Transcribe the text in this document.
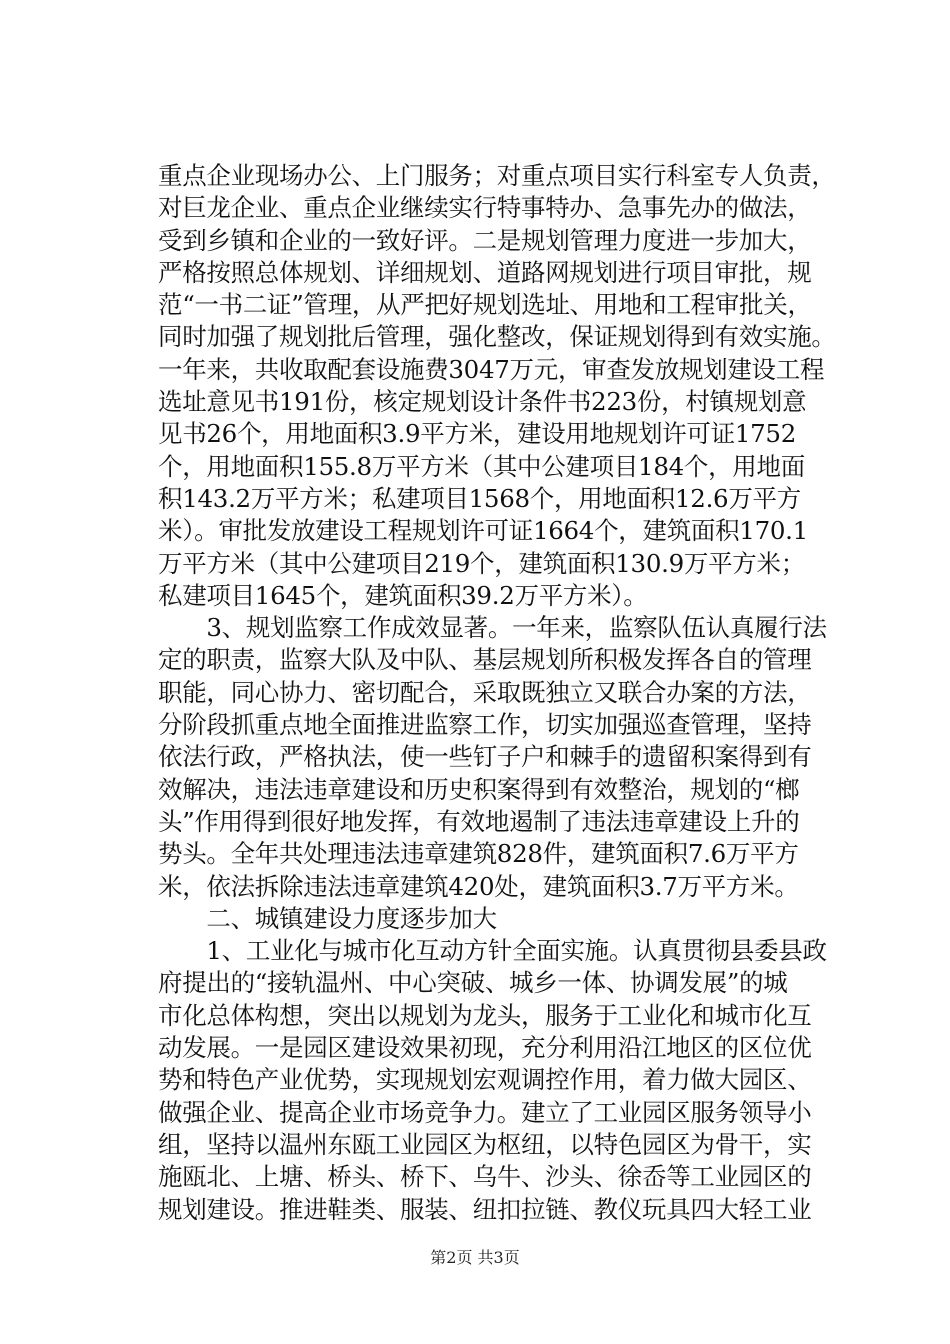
重点企业现场办公、上门服务；对重点项目实行科室专人负责，
对巨龙企业、重点企业继续实行特事特办、急事先办的做法，
受到乡镇和企业的一致好评。二是规划管理力度进一步加大，
严格按照总体规划、详细规划、道路网规划进行项目审批，规
范“一书二证”管理，从严把好规划选址、用地和工程审批关，
同时加强了规划批后管理，强化整改，保证规划得到有效实施。
一年来，共收取配套设施费3047万元，审查发放规划建设工程
选址意见书191份，核定规划设计条件书223份，村镇规划意
见书26个，用地面积3.9平方米，建设用地规划许可证1752
个，用地面积155.8万平方米（其中公建项目184个，用地面
积143.2万平方米；私建项目1568个，用地面积12.6万平方
米）。审批发放建设工程规划许可证1664个，建筑面积170.1
万平方米（其中公建项目219个，建筑面积130.9万平方米；
私建项目1645个，建筑面积39.2万平方米）。
　　3、规划监察工作成效显著。一年来，监察队伍认真履行法
定的职责，监察大队及中队、基层规划所积极发挥各自的管理
职能，同心协力、密切配合，采取既独立又联合办案的方法，
分阶段抓重点地全面推进监察工作，切实加强巡查管理，坚持
依法行政，严格执法，使一些钉子户和棘手的遗留积案得到有
效解决，违法违章建设和历史积案得到有效整治，规划的“榔
头”作用得到很好地发挥，有效地遏制了违法违章建设上升的
势头。全年共处理违法违章建筑828件，建筑面积7.6万平方
米，依法拆除违法违章建筑420处，建筑面积3.7万平方米。
　　二、城镇建设力度逐步加大
　　1、工业化与城市化互动方针全面实施。认真贯彻县委县政
府提出的“接轨温州、中心突破、城乡一体、协调发展”的城
市化总体构想，突出以规划为龙头，服务于工业化和城市化互
动发展。一是园区建设效果初现，充分利用沿江地区的区位优
势和特色产业优势，实现规划宏观调控作用，着力做大园区、
做强企业、提高企业市场竞争力。建立了工业园区服务领导小
组，坚持以温州东瓯工业园区为枢纽，以特色园区为骨干，实
施瓯北、上塘、桥头、桥下、乌牛、沙头、徐岙等工业园区的
规划建设。推进鞋类、服装、纽扣拉链、教仪玩具四大轻工业
第2页 共3页
